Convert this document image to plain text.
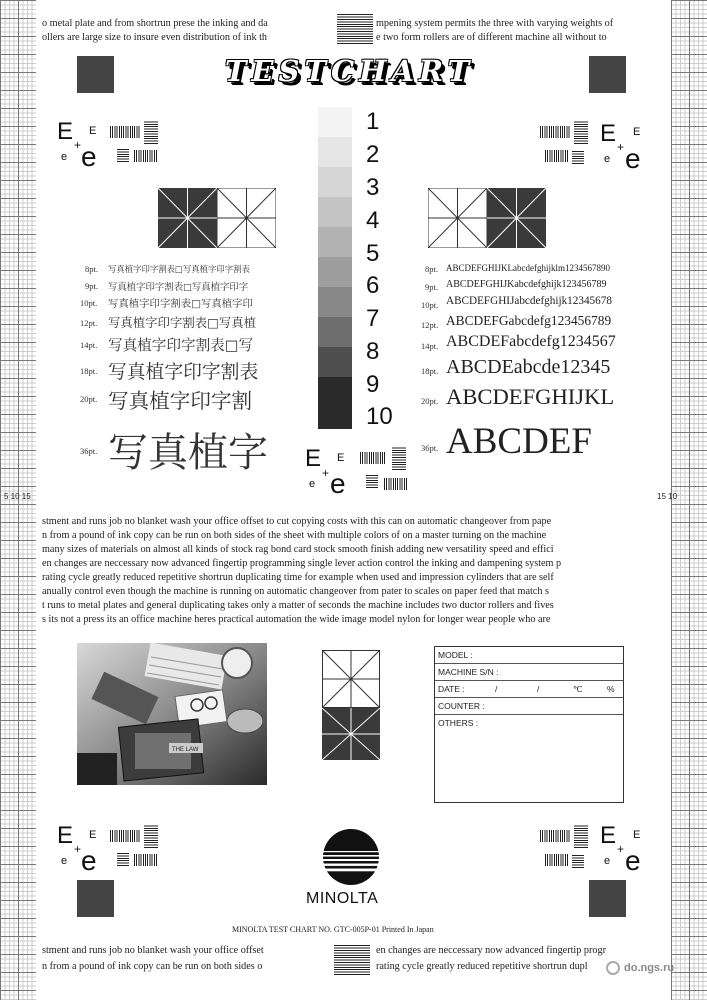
o metal plate and from shortrun prese the inking and da	mpening system permits the three with varying weights of
ollers are large size to insure even distribution of ink th	e two form rollers are of different machine all without to
TESTCHART
1
2
3
4
5
6
7
8
9
10
E E
+
e e
E E
+
e e
8pt. 写真植字印字割表□写真植字印字割表
9pt. 写真植字印字割表□写真植字印字
10pt. 写真植字印字割表□写真植字印
12pt. 写真植字印字割表□写真植
14pt. 写真植字印字割表□写
18pt. 写真植字印字割表
20pt. 写真植字印字割
36pt. 写真植字
8pt. ABCDEFGHIJKLabcdefghijklm1234567890
9pt. ABCDEFGHIJKabcdefghijk123456789
10pt. ABCDEFGHIJabcdefghijk12345678
12pt. ABCDEFGabcdefg123456789
14pt. ABCDEFabcdefg1234567
18pt. ABCDEabcde12345
20pt. ABCDEFGHIJKL
36pt. ABCDEF
E E
+
e e
5 10 15	15 10
stment and runs job no blanket wash your office offset to cut copying costs with this can on automatic changeover from pape
n from a pound of ink copy can be run on both sides of the sheet with multiple colors of on a master turning on the machine
many sizes of materials on almost all kinds of stock rag bond card stock smooth finish adding new versatility speed and effici
en changes are neccessary now advanced fingertip programming single lever action control the inking and dampening system p
rating cycle greatly reduced repetitive shortrun duplicating time for example when used and impression cylinders that are self
anually control even though the machine is running on automatic changeover from pater to scales on paper feed that match s
t runs to metal plates and general duplicating takes only a matter of seconds the machine includes two ductor rollers and fives
s its not a press its an office machine heres practical automation the wide image model nylon for longer wear people who are
THE LAW
MODEL :
MACHINE S/N :
DATE :	/	/	℃	%
COUNTER :
OTHERS :
E E
+
e e
E E
+
e e
MINOLTA
MINOLTA TEST CHART NO. GTC-005P-01 Printed In Japan
stment and runs job no blanket wash your office offset	en changes are neccessary now advanced fingertip progr
n from a pound of ink copy can be run on both sides o	rating cycle greatly reduced repetitive shortrun dupl	do.ngs.ru
